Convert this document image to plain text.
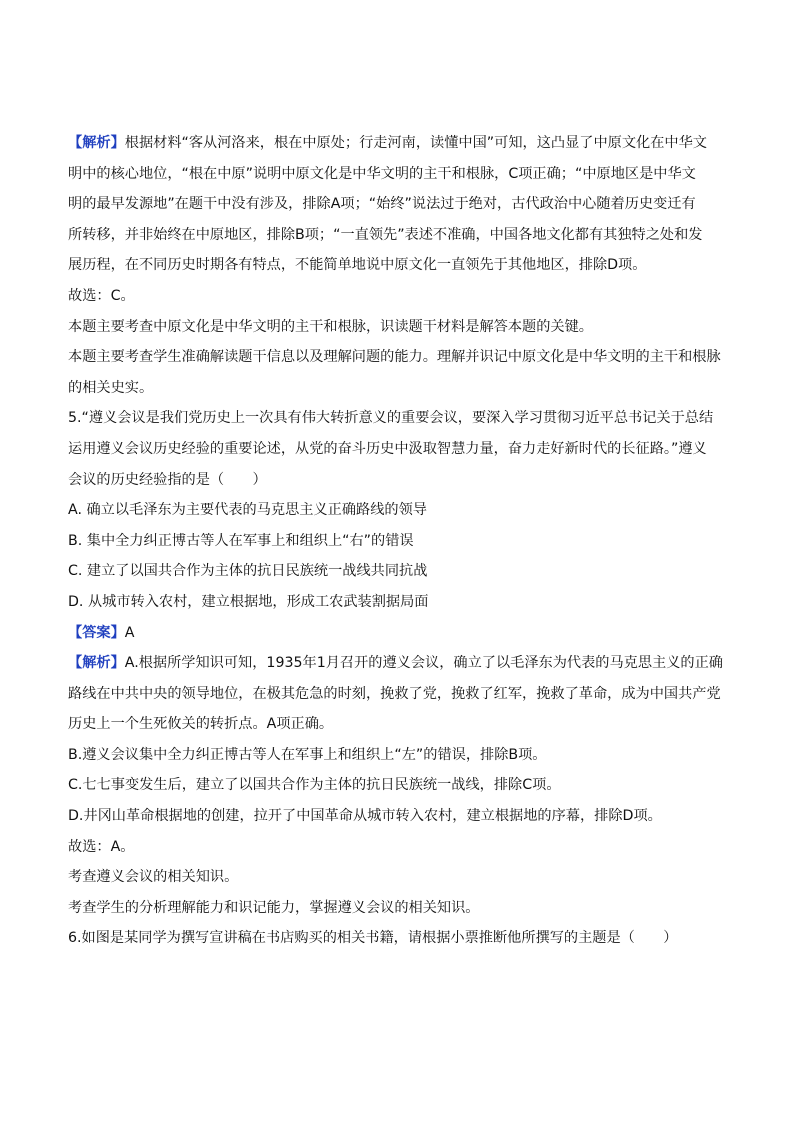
【解析】根据材料“客从河洛来，根在中原处；行走河南，读懂中国”可知，这凸显了中原文化在中华文
明中的核心地位，“根在中原”说明中原文化是中华文明的主干和根脉，C项正确；“中原地区是中华文
明的最早发源地”在题干中没有涉及，排除A项；“始终”说法过于绝对，古代政治中心随着历史变迁有
所转移，并非始终在中原地区，排除B项；“一直领先”表述不准确，中国各地文化都有其独特之处和发
展历程，在不同历史时期各有特点，不能简单地说中原文化一直领先于其他地区，排除D项。
故选：C。
本题主要考查中原文化是中华文明的主干和根脉，识读题干材料是解答本题的关键。
本题主要考查学生准确解读题干信息以及理解问题的能力。理解并识记中原文化是中华文明的主干和根脉
的相关史实。
5.“遵义会议是我们党历史上一次具有伟大转折意义的重要会议，要深入学习贯彻习近平总书记关于总结
运用遵义会议历史经验的重要论述，从党的奋斗历史中汲取智慧力量，奋力走好新时代的长征路。”遵义
会议的历史经验指的是（　　）
A. 确立以毛泽东为主要代表的马克思主义正确路线的领导
B. 集中全力纠正博古等人在军事上和组织上“右”的错误
C. 建立了以国共合作为主体的抗日民族统一战线共同抗战
D. 从城市转入农村，建立根据地，形成工农武装割据局面
【答案】A
【解析】A.根据所学知识可知，1935年1月召开的遵义会议，确立了以毛泽东为代表的马克思主义的正确
路线在中共中央的领导地位，在极其危急的时刻，挽救了党，挽救了红军，挽救了革命，成为中国共产党
历史上一个生死攸关的转折点。A项正确。
B.遵义会议集中全力纠正博古等人在军事上和组织上“左”的错误，排除B项。
C.七七事变发生后，建立了以国共合作为主体的抗日民族统一战线，排除C项。
D.井冈山革命根据地的创建，拉开了中国革命从城市转入农村，建立根据地的序幕，排除D项。
故选：A。
考查遵义会议的相关知识。
考查学生的分析理解能力和识记能力，掌握遵义会议的相关知识。
6.如图是某同学为撰写宣讲稿在书店购买的相关书籍，请根据小票推断他所撰写的主题是（　　）
